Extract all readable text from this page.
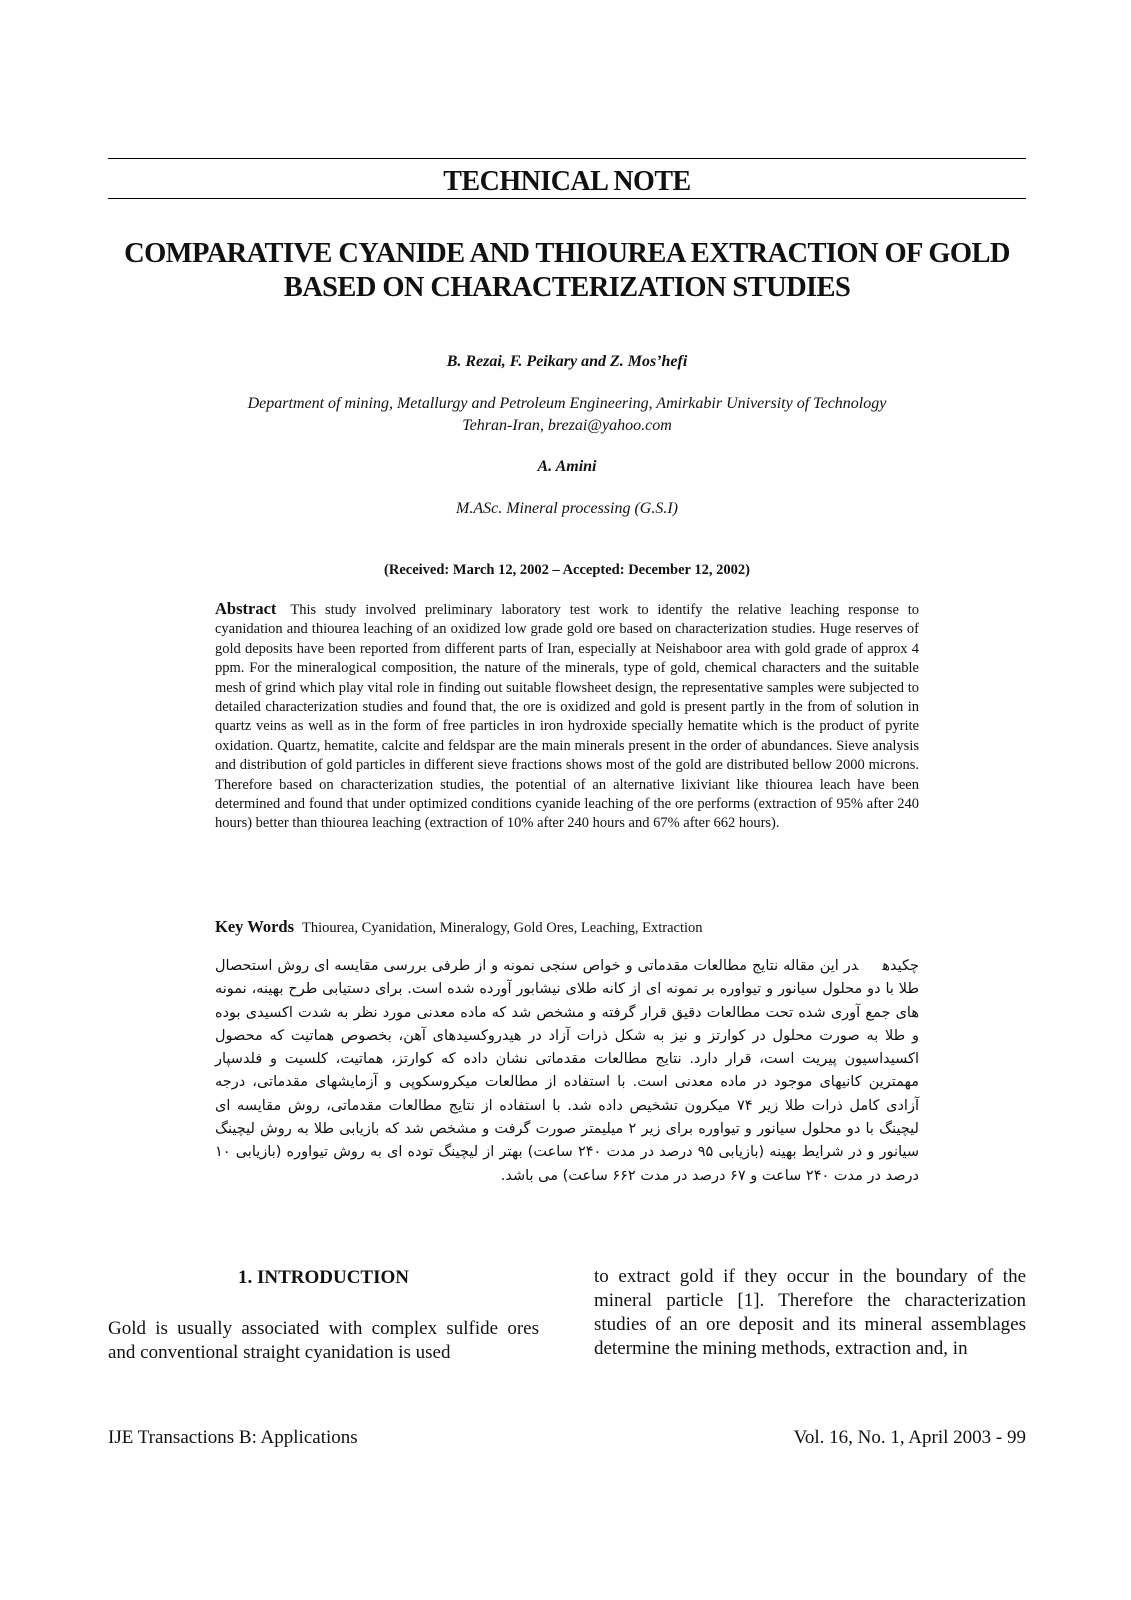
TECHNICAL NOTE
COMPARATIVE CYANIDE AND THIOUREA EXTRACTION OF GOLD BASED ON CHARACTERIZATION STUDIES
B. Rezai, F. Peikary and Z. Mos’hefi
Department of mining, Metallurgy and Petroleum Engineering, Amirkabir University of Technology
Tehran-Iran, brezai@yahoo.com
A. Amini
M.ASc. Mineral processing (G.S.I)
(Received: March 12, 2002 – Accepted: December 12, 2002)
Abstract This study involved preliminary laboratory test work to identify the relative leaching response to cyanidation and thiourea leaching of an oxidized low grade gold ore based on characterization studies. Huge reserves of gold deposits have been reported from different parts of Iran, especially at Neishaboor area with gold grade of approx 4 ppm. For the mineralogical composition, the nature of the minerals, type of gold, chemical characters and the suitable mesh of grind which play vital role in finding out suitable flowsheet design, the representative samples were subjected to detailed characterization studies and found that, the ore is oxidized and gold is present partly in the from of solution in quartz veins as well as in the form of free particles in iron hydroxide specially hematite which is the product of pyrite oxidation. Quartz, hematite, calcite and feldspar are the main minerals present in the order of abundances. Sieve analysis and distribution of gold particles in different sieve fractions shows most of the gold are distributed bellow 2000 microns. Therefore based on characterization studies, the potential of an alternative lixiviant like thiourea leach have been determined and found that under optimized conditions cyanide leaching of the ore performs (extraction of 95% after 240 hours) better than thiourea leaching (extraction of 10% after 240 hours and 67% after 662 hours).
Key Words Thiourea, Cyanidation, Mineralogy, Gold Ores, Leaching, Extraction
چکیدهدر این مقاله نتایج مطالعات مقدماتی و خواص سنجی نمونه و از طرفی بررسی مقایسه ای روش استحصال طلا با دو محلول سیانور و تیواوره بر نمونه ای از کانه طلای نیشابور آورده شده است. برای دستیابی طرح بهینه، نمونه های جمع آوری شده تحت مطالعات دقیق قرار گرفته و مشخص شد که ماده معدنی مورد نظر به شدت اکسیدی بوده و طلا به صورت محلول در کوارتز و نیز به شکل ذرات آزاد در هیدروکسیدهای آهن، بخصوص هماتیت که محصول اکسیداسیون پیریت است، قرار دارد. نتایج مطالعات مقدماتی نشان داده که کوارتز، هماتیت، کلسیت و فلدسپار مهمترین کانیهای موجود در ماده معدنی است. با استفاده از مطالعات میکروسکوپی و آزمایشهای مقدماتی، درجه آزادی کامل ذرات طلا زیر ۷۴ میکرون تشخیص داده شد. با استفاده از نتایج مطالعات مقدماتی، روش مقایسه ای لیچینگ با دو محلول سیانور و تیواوره برای زیر ۲ میلیمتر صورت گرفت و مشخص شد که بازیابی طلا به روش لیچینگ سیانور و در شرایط بهینه (بازیابی ۹۵ درصد در مدت ۲۴۰ ساعت) بهتر از لیچینگ توده ای به روش تیواوره (بازیابی ۱۰ درصد در مدت ۲۴۰ ساعت و ۶۷ درصد در مدت ۶۶۲ ساعت) می باشد.
1. INTRODUCTION
Gold is usually associated with complex sulfide ores and conventional straight cyanidation is used
to extract gold if they occur in the boundary of the mineral particle [1]. Therefore the characterization studies of an ore deposit and its mineral assemblages determine the mining methods, extraction and, in
IJE Transactions B: Applications	Vol. 16, No. 1, April 2003 - 99
